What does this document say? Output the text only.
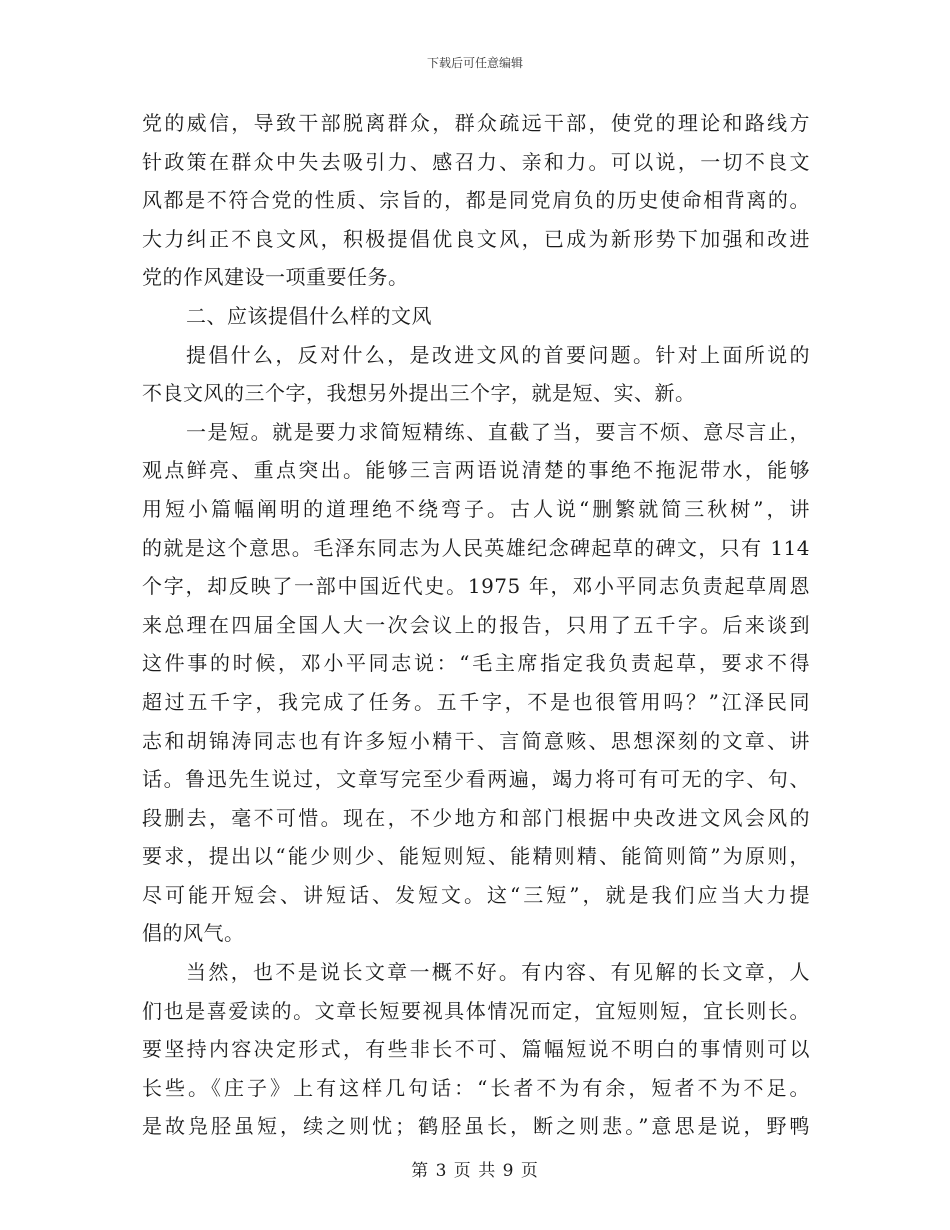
下载后可任意编辑
党的威信，导致干部脱离群众，群众疏远干部，使党的理论和路线方
针政策在群众中失去吸引力、感召力、亲和力。可以说，一切不良文
风都是不符合党的性质、宗旨的，都是同党肩负的历史使命相背离的。
大力纠正不良文风，积极提倡优良文风，已成为新形势下加强和改进
党的作风建设一项重要任务。
二、应该提倡什么样的文风
提倡什么，反对什么，是改进文风的首要问题。针对上面所说的
不良文风的三个字，我想另外提出三个字，就是短、实、新。
一是短。就是要力求简短精练、直截了当，要言不烦、意尽言止，
观点鲜亮、重点突出。能够三言两语说清楚的事绝不拖泥带水，能够
用短小篇幅阐明的道理绝不绕弯子。古人说“删繁就简三秋树”，讲
的就是这个意思。毛泽东同志为人民英雄纪念碑起草的碑文，只有 114
个字，却反映了一部中国近代史。1975 年，邓小平同志负责起草周恩
来总理在四届全国人大一次会议上的报告，只用了五千字。后来谈到
这件事的时候，邓小平同志说：“毛主席指定我负责起草，要求不得
超过五千字，我完成了任务。五千字，不是也很管用吗？”江泽民同
志和胡锦涛同志也有许多短小精干、言简意赅、思想深刻的文章、讲
话。鲁迅先生说过，文章写完至少看两遍，竭力将可有可无的字、句、
段删去，毫不可惜。现在，不少地方和部门根据中央改进文风会风的
要求，提出以“能少则少、能短则短、能精则精、能简则简”为原则，
尽可能开短会、讲短话、发短文。这“三短”，就是我们应当大力提
倡的风气。
当然，也不是说长文章一概不好。有内容、有见解的长文章，人
们也是喜爱读的。文章长短要视具体情况而定，宜短则短，宜长则长。
要坚持内容决定形式，有些非长不可、篇幅短说不明白的事情则可以
长些。《庄子》上有这样几句话：“长者不为有余，短者不为不足。
是故凫胫虽短，续之则忧；鹤胫虽长，断之则悲。”意思是说，野鸭
第 3 页 共 9 页
